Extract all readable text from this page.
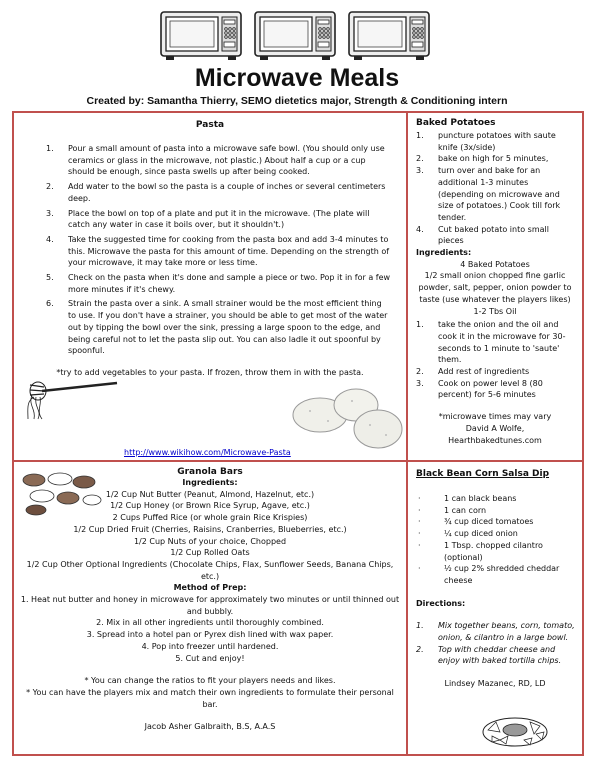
Microwave Meals
Created by: Samantha Thierry, SEMO dietetics major, Strength & Conditioning intern
Pasta
1. Pour a small amount of pasta into a microwave safe bowl. (You should only use ceramics or glass in the microwave, not plastic.) About half a cup or a cup should be enough, since pasta swells up after being cooked.
2. Add water to the bowl so the pasta is a couple of inches or several centimeters deep.
3. Place the bowl on top of a plate and put it in the microwave. (The plate will catch any water in case it boils over, but it shouldn't.)
4. Take the suggested time for cooking from the pasta box and add 3-4 minutes to this. Microwave the pasta for this amount of time. Depending on the strength of your microwave, it may take more or less time.
5. Check on the pasta when it's done and sample a piece or two. Pop it in for a few more minutes if it's chewy.
6. Strain the pasta over a sink. A small strainer would be the most efficient thing to use. If you don't have a strainer, you should be able to get most of the water out by tipping the bowl over the sink, pressing a large spoon to the edge, and being careful not to let the pasta slip out. You can also ladle it out spoonful by spoonful.
*try to add vegetables to your pasta. If frozen, throw them in with the pasta.
http://www.wikihow.com/Microwave-Pasta
Baked Potatoes
1. puncture potatoes with saute knife (3x/side)
2. bake on high for 5 minutes,
3. turn over and bake for an additional 1-3 minutes (depending on microwave and size of potatoes.) Cook till fork tender.
4. Cut baked potato into small pieces
Ingredients:
4 Baked Potatoes
1/2 small onion chopped fine garlic powder, salt, pepper, onion powder to taste (use whatever the players likes)
1-2 Tbs Oil
1. take the onion and the oil and cook it in the microwave for 30-seconds to 1 minute to 'saute' them.
2. Add rest of ingredients
3. Cook on power level 8 (80 percent) for 5-6 minutes
*microwave times may vary
David A Wolfe,
Hearthbakedtunes.com
Granola Bars
Ingredients:
1/2 Cup Nut Butter (Peanut, Almond, Hazelnut, etc.)
1/2 Cup Honey (or Brown Rice Syrup, Agave, etc.)
2 Cups Puffed Rice (or whole grain Rice Krispies)
1/2 Cup Dried Fruit (Cherries, Raisins, Cranberries, Blueberries, etc.)
1/2 Cup Nuts of your choice, Chopped
1/2 Cup Rolled Oats
1/2 Cup Other Optional Ingredients (Chocolate Chips, Flax, Sunflower Seeds, Banana Chips, etc.)
Method of Prep:
1. Heat nut butter and honey in microwave for approximately two minutes or until thinned out and bubbly.
2. Mix in all other ingredients until thoroughly combined.
3. Spread into a hotel pan or Pyrex dish lined with wax paper.
4. Pop into freezer until hardened.
5. Cut and enjoy!
* You can change the ratios to fit your players needs and likes.
* You can have the players mix and match their own ingredients to formulate their personal bar.
Jacob Asher Galbraith, B.S, A.A.S
Black Bean Corn Salsa Dip
· 1 can black beans
· 1 can corn
· ¾ cup diced tomatoes
· ¼ cup diced onion
· 1 Tbsp. chopped cilantro (optional)
· ½ cup 2% shredded cheddar cheese
Directions:
1. Mix together beans, corn, tomato, onion, & cilantro in a large bowl.
2. Top with cheddar cheese and enjoy with baked tortilla chips.
Lindsey Mazanec, RD, LD
